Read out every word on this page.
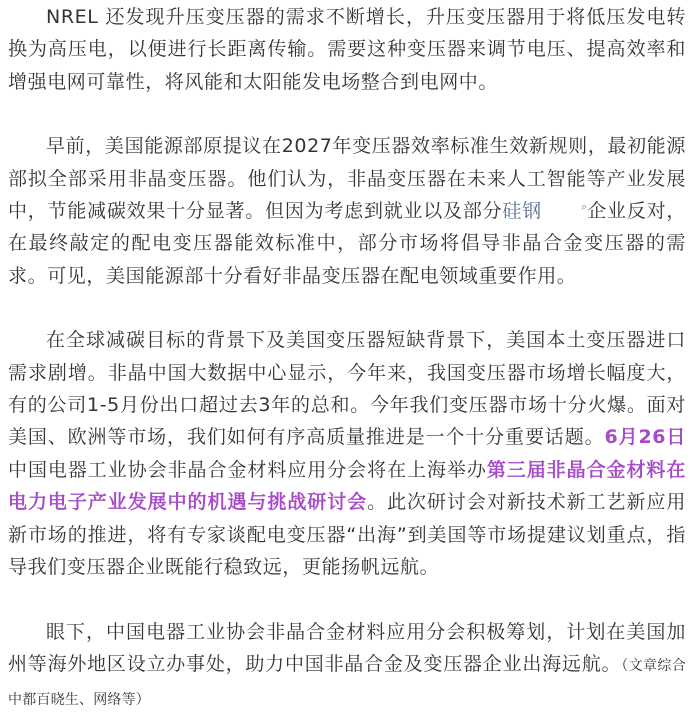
NREL 还发现升压变压器的需求不断增长，升压变压器用于将低压发电转换为高压电，以便进行长距离传输。需要这种变压器来调节电压、提高效率和增强电网可靠性，将风能和太阳能发电场整合到电网中。

早前，美国能源部原提议在2027年变压器效率标准生效新规则，最初能源部拟全部采用非晶变压器。他们认为，非晶变压器在未来人工智能等产业发展中，节能减碳效果十分显著。但因为考虑到就业以及部分硅钢	⌕企业反对，在最终敲定的配电变压器能效标准中，部分市场将倡导非晶合金变压器的需求。可见，美国能源部十分看好非晶变压器在配电领域重要作用。

在全球减碳目标的背景下及美国变压器短缺背景下，美国本土变压器进口需求剧增。非晶中国大数据中心显示，今年来，我国变压器市场增长幅度大，有的公司1-5月份出口超过去3年的总和。今年我们变压器市场十分火爆。面对美国、欧洲等市场，我们如何有序高质量推进是一个十分重要话题。6月26日中国电器工业协会非晶合金材料应用分会将在上海举办第三届非晶合金材料在电力电子产业发展中的机遇与挑战研讨会。此次研讨会对新技术新工艺新应用新市场的推进，将有专家谈配电变压器“出海”到美国等市场提建议划重点，指导我们变压器企业既能行稳致远，更能扬帆远航。

眼下，中国电器工业协会非晶合金材料应用分会积极筹划，计划在美国加州等海外地区设立办事处，助力中国非晶合金及变压器企业出海远航。（文章综合中都百晓生、网络等）
